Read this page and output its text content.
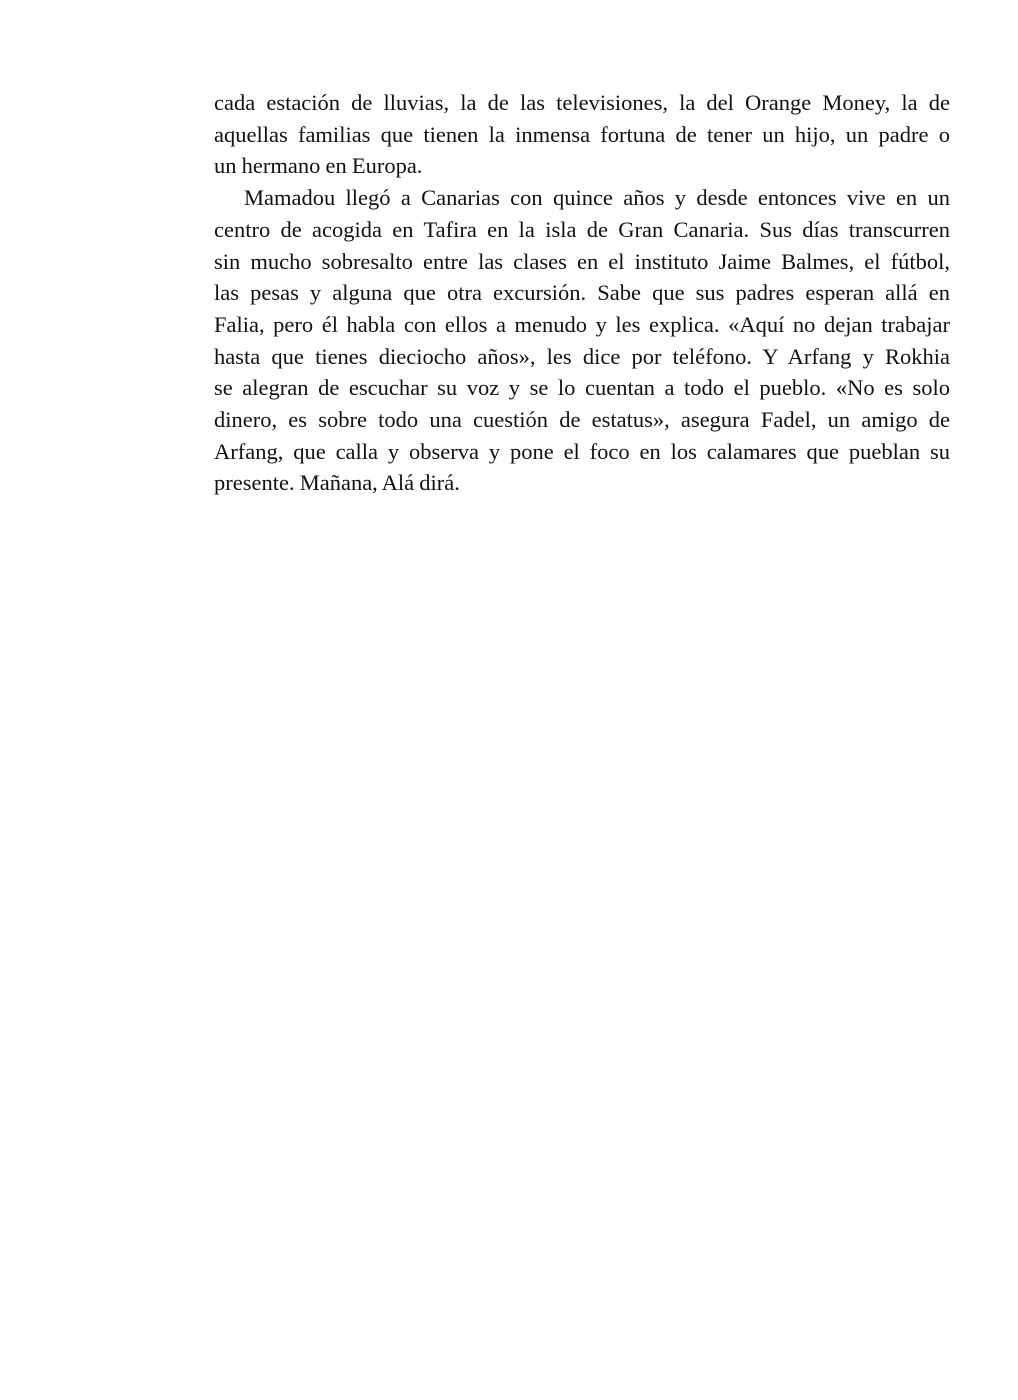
cada estación de lluvias, la de las televisiones, la del Orange Money, la de
aquellas familias que tienen la inmensa fortuna de tener un hijo, un padre o
un hermano en Europa.
Mamadou llegó a Canarias con quince años y desde entonces vive en un
centro de acogida en Tafira en la isla de Gran Canaria. Sus días transcurren
sin mucho sobresalto entre las clases en el instituto Jaime Balmes, el fútbol,
las pesas y alguna que otra excursión. Sabe que sus padres esperan allá en
Falia, pero él habla con ellos a menudo y les explica. «Aquí no dejan trabajar
hasta que tienes dieciocho años», les dice por teléfono. Y Arfang y Rokhia
se alegran de escuchar su voz y se lo cuentan a todo el pueblo. «No es solo
dinero, es sobre todo una cuestión de estatus», asegura Fadel, un amigo de
Arfang, que calla y observa y pone el foco en los calamares que pueblan su
presente. Mañana, Alá dirá.
